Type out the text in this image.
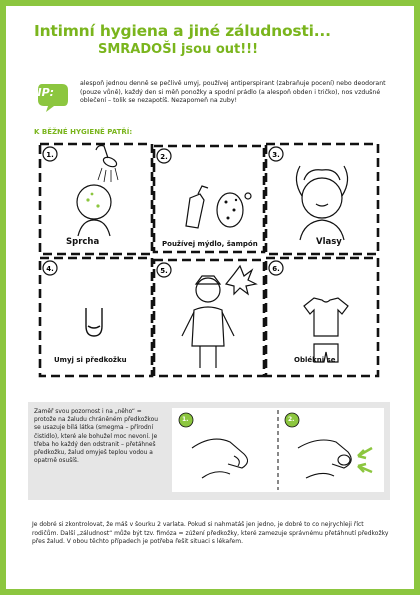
Intimní hygiena a jiné záludnosti...
SMRADOŠI jsou out!!!
TIP:
alespoň jednou denně se pečlivě umyj, používej antiperspirant (zabraňuje pocení) nebo deodorant (pouze vůně), každý den si měň ponožky a spodní prádlo (a alespoň obden i tričko), nos vzdušné oblečení – tolik se nezapotíš. Nezapomeň na zuby!
K BĚŽNÉ HYGIENĚ PATŘÍ:
1.	2.	3.
4.	5.	6.
Sprcha	Používej mýdlo, šampón	Vlasy
Umyj si předkožku	Oblékni se
Zaměř svou pozornost i na „něho“ = protože na žaludu chráněném předkožkou se usazuje bílá látka (smegma – přírodní čistidlo), které ale bohužel moc nevoní. Je třeba ho každý den odstranit – přetáhneš předkožku, žalud omyješ teplou vodou a opatrně osušíš.
1.	2.
Je dobré si zkontrolovat, že máš v šourku 2 varlata. Pokud si nahmatáš jen jedno, je dobré to co nejrychleji říct rodičům. Další „záludnost“ může být tzv. fimóza = zúžení předkožky, které zamezuje správnému přetáhnutí předkožky přes žalud. V obou těchto případech je potřeba řešit situaci s lékařem.
